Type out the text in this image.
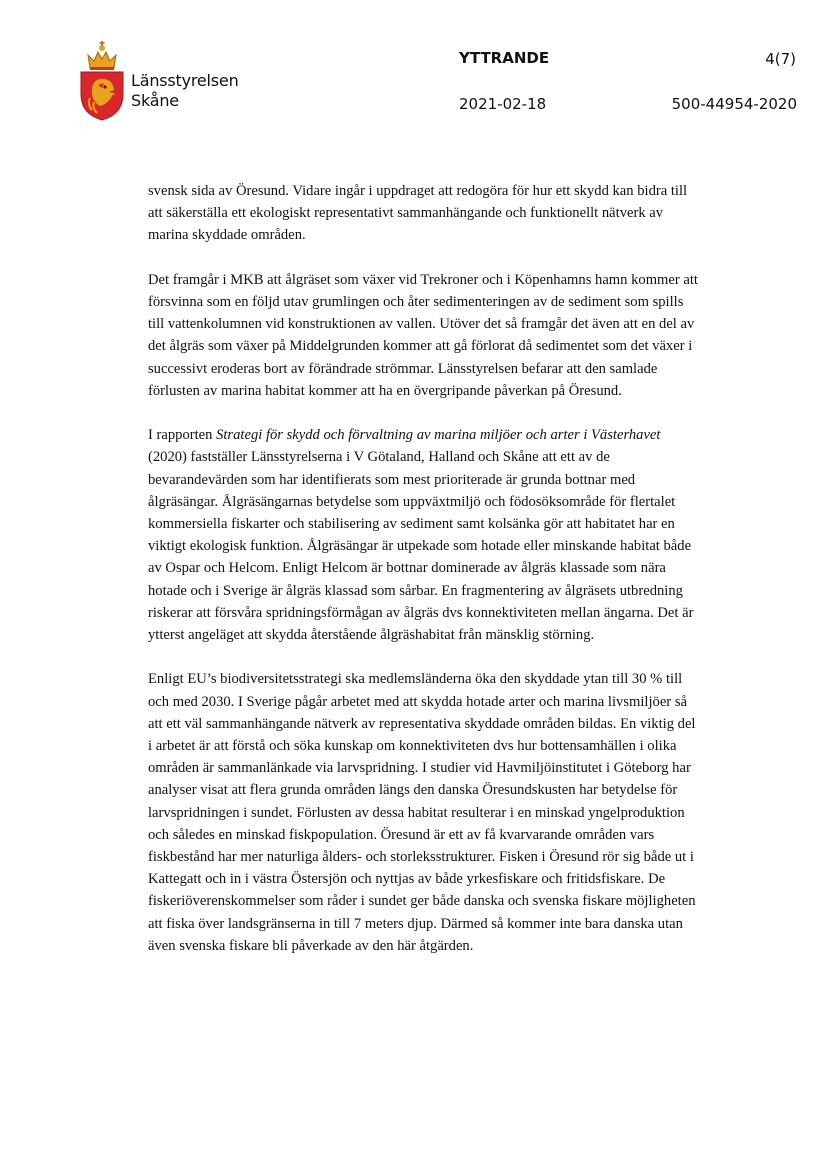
Länsstyrelsen
Skåne
YTTRANDE	4(7)
2021-02-18	500-44954-2020

svensk sida av Öresund. Vidare ingår i uppdraget att redogöra för hur ett skydd kan bidra till att säkerställa ett ekologiskt representativt sammanhängande och funktionellt nätverk av marina skyddade områden.

Det framgår i MKB att ålgräset som växer vid Trekroner och i Köpenhamns hamn kommer att försvinna som en följd utav grumlingen och åter sedimenteringen av de sediment som spills till vattenkolumnen vid konstruktionen av vallen. Utöver det så framgår det även att en del av det ålgräs som växer på Middelgrunden kommer att gå förlorat då sedimentet som det växer i successivt eroderas bort av förändrade strömmar. Länsstyrelsen befarar att den samlade förlusten av marina habitat kommer att ha en övergripande påverkan på Öresund.

I rapporten Strategi för skydd och förvaltning av marina miljöer och arter i Västerhavet (2020) fastställer Länsstyrelserna i V Götaland, Halland och Skåne att ett av de bevarandevärden som har identifierats som mest prioriterade är grunda bottnar med ålgräsängar. Ålgräsängarnas betydelse som uppväxtmiljö och födosöksområde för flertalet kommersiella fiskarter och stabilisering av sediment samt kolsänka gör att habitatet har en viktigt ekologisk funktion. Ålgräsängar är utpekade som hotade eller minskande habitat både av Ospar och Helcom. Enligt Helcom är bottnar dominerade av ålgräs klassade som nära hotade och i Sverige är ålgräs klassad som sårbar. En fragmentering av ålgräsets utbredning riskerar att försvåra spridningsförmågan av ålgräs dvs konnektiviteten mellan ängarna. Det är ytterst angeläget att skydda återstående ålgräshabitat från mänsklig störning.

Enligt EU’s biodiversitetsstrategi ska medlemsländerna öka den skyddade ytan till 30 % till och med 2030. I Sverige pågår arbetet med att skydda hotade arter och marina livsmiljöer så att ett väl sammanhängande nätverk av representativa skyddade områden bildas. En viktig del i arbetet är att förstå och söka kunskap om konnektiviteten dvs hur bottensamhällen i olika områden är sammanlänkade via larvspridning. I studier vid Havmiljöinstitutet i Göteborg har analyser visat att flera grunda områden längs den danska Öresundskusten har betydelse för larvspridningen i sundet. Förlusten av dessa habitat resulterar i en minskad yngelproduktion och således en minskad fiskpopulation. Öresund är ett av få kvarvarande områden vars fiskbestånd har mer naturliga ålders- och storleksstrukturer. Fisken i Öresund rör sig både ut i Kattegatt och in i västra Östersjön och nyttjas av både yrkesfiskare och fritidsfiskare. De fiskeriöverenskommelser som råder i sundet ger både danska och svenska fiskare möjligheten att fiska över landsgränserna in till 7 meters djup. Därmed så kommer inte bara danska utan även svenska fiskare bli påverkade av den här åtgärden.
